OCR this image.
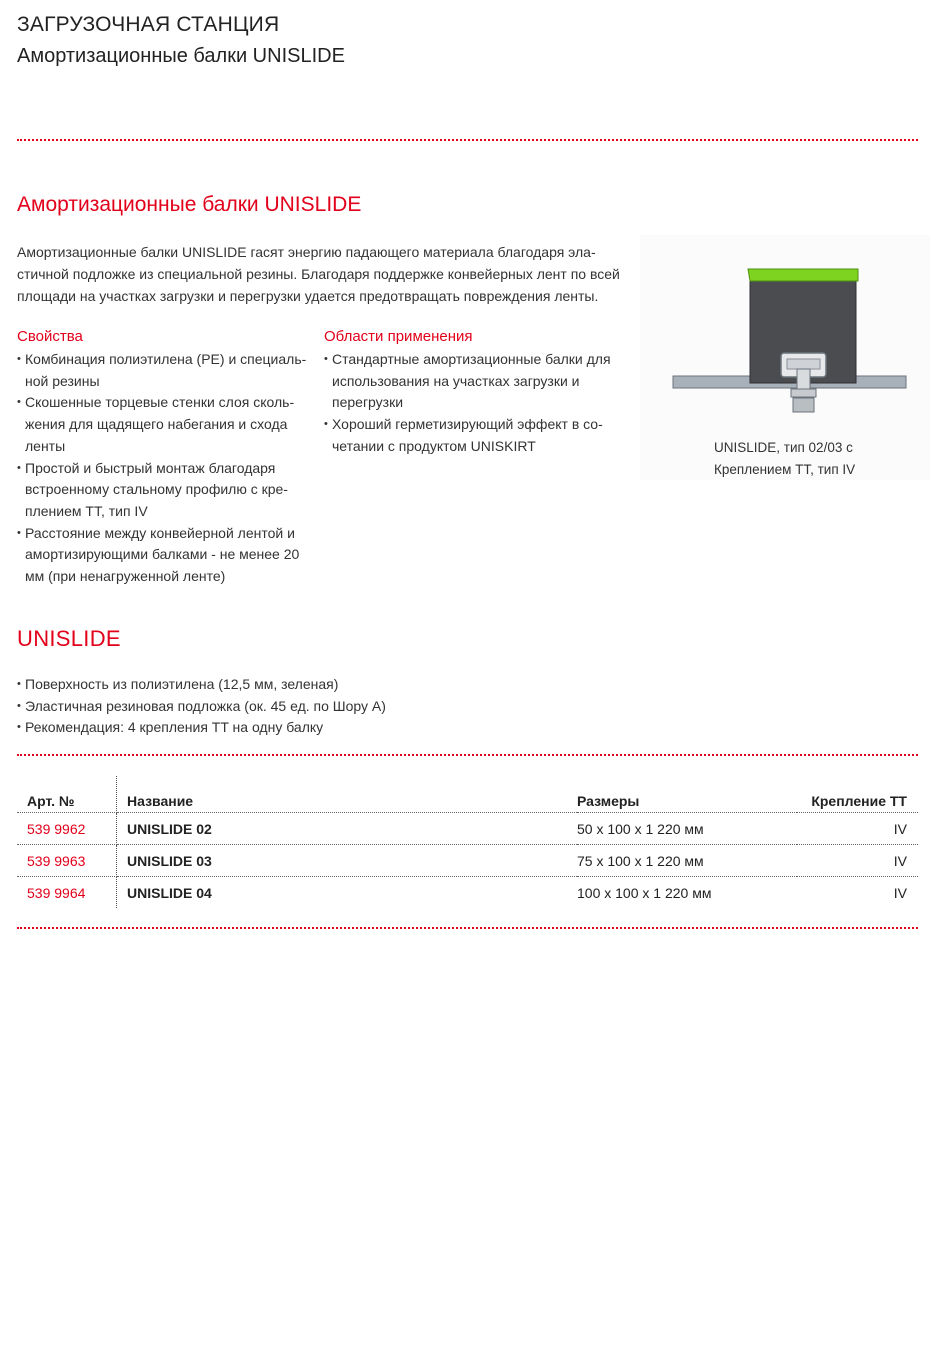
ЗАГРУЗОЧНАЯ СТАНЦИЯ
Амортизационные балки UNISLIDE
Амортизационные балки UNISLIDE
Амортизационные балки UNISLIDE гасят энергию падающего материала благодаря эла-
стичной подложке из специальной резины. Благодаря поддержке конвейерных лент по всей
площади на участках загрузки и перегрузки удается предотвращать повреждения ленты.
Свойства
• Комбинация полиэтилена (PE) и специаль-
ной резины
• Скошенные торцевые стенки слоя сколь-
жения для щадящего набегания и схода
ленты
• Простой и быстрый монтаж благодаря
встроенному стальному профилю с кре-
плением TT, тип IV
• Расстояние между конвейерной лентой и
амортизирующими балками - не менее 20
мм (при ненагруженной ленте)
Области применения
• Стандартные амортизационные балки для
использования на участках загрузки и
перегрузки
• Хороший герметизирующий эффект в со-
четании с продуктом UNISKIRT	UNISLIDE, тип 02/03 с
Креплением TT, тип IV
UNISLIDE
• Поверхность из полиэтилена (12,5 мм, зеленая)
• Эластичная резиновая подложка (ок. 45 ед. по Шору А)
• Рекомендация: 4 крепления TT на одну балку
Арт. №	Название	Размеры	Крепление TT
539 9962	UNISLIDE 02	50 x 100 x 1 220 мм	IV
539 9963	UNISLIDE 03	75 x 100 x 1 220 мм	IV
539 9964	UNISLIDE 04	100 x 100 x 1 220 мм	IV
